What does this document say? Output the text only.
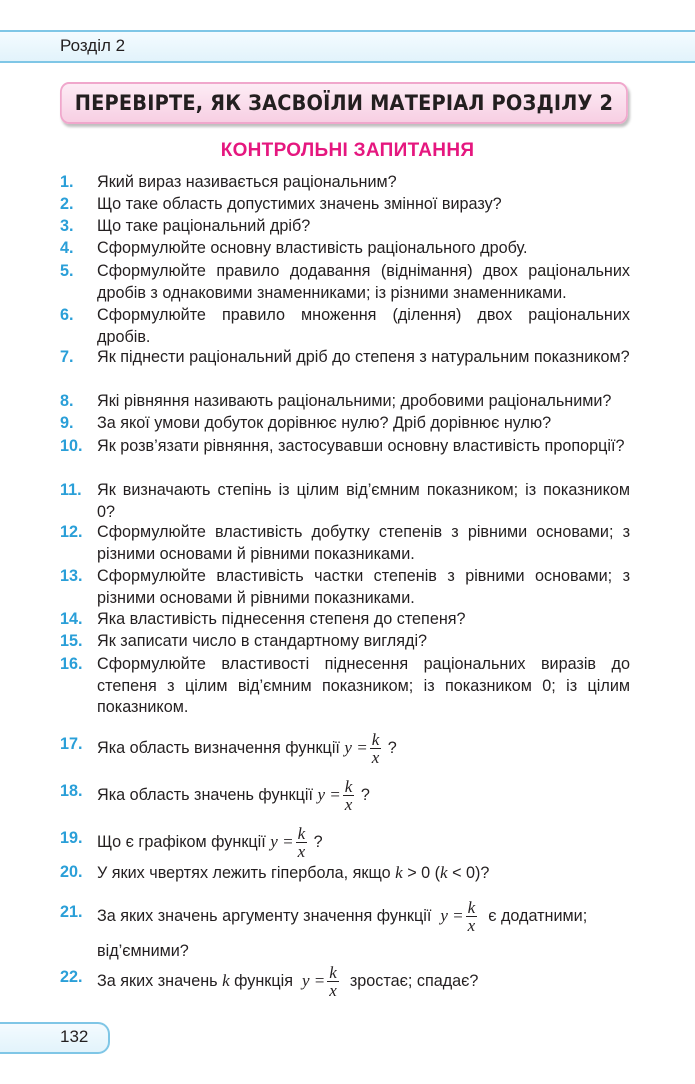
Розділ 2
ПЕРЕВІРТЕ, ЯК ЗАСВОЇЛИ МАТЕРІАЛ РОЗДІЛУ 2
КОНТРОЛЬНІ ЗАПИТАННЯ
1.	Який вираз називається раціональним?
2.	Що таке область допустимих значень змінної виразу?
3.	Що таке раціональний дріб?
4.	Сформулюйте основну властивість раціонального дробу.
5.	Сформулюйте правило додавання (віднімання) двох раціональних дробів з однаковими знаменниками; із різними знаменниками.
6.	Сформулюйте правило множення (ділення) двох раціональних дробів.
7.	Як піднести раціональний дріб до степеня з натуральним показником?
8.	Які рівняння називають раціональними; дробовими раціональними?
9.	За якої умови добуток дорівнює нулю? Дріб дорівнює нулю?
10. Як розв’язати рівняння, застосувавши основну властивість пропорції?
11. Як визначають степінь із цілим від’ємним показником; із показником 0?
12. Сформулюйте властивість добутку степенів з рівними основами; з різними основами й рівними показниками.
13. Сформулюйте властивість частки степенів з рівними основами; з різними основами й рівними показниками.
14. Яка властивість піднесення степеня до степеня?
15. Як записати число в стандартному вигляді?
16. Сформулюйте властивості піднесення раціональних виразів до степеня з цілим від’ємним показником; із показником 0; із цілим показником.
17. Яка область визначення функції $y = \frac{k}{x}$ ?
18. Яка область значень функції $y = \frac{k}{x}$ ?
19. Що є графіком функції $y = \frac{k}{x}$ ?
20. У яких чвертях лежить гіпербола, якщо k > 0 (k < 0)?
21. За яких значень аргументу значення функції $y = \frac{k}{x}$ є додатними;
від’ємними?
22. За яких значень k функція $y = \frac{k}{x}$ зростає; спадає?
132
